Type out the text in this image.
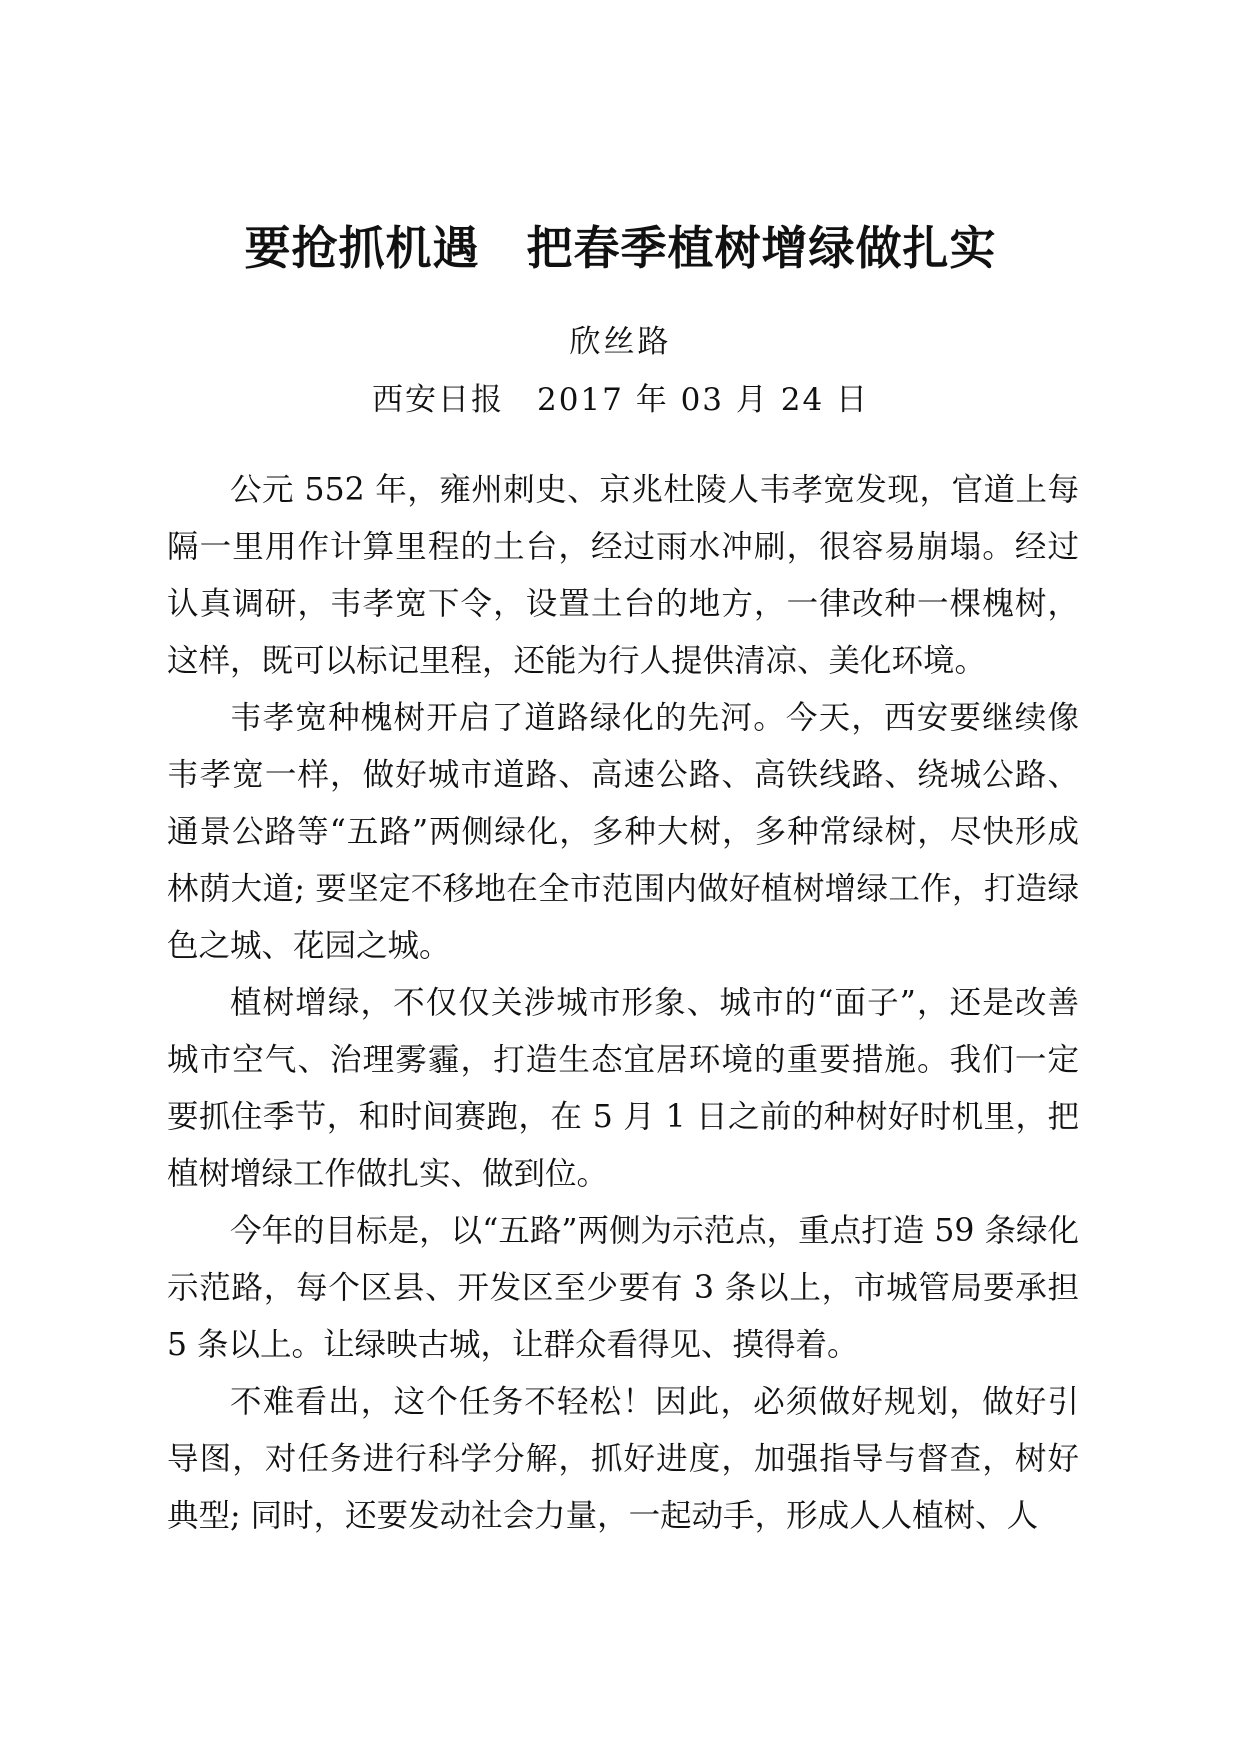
要抢抓机遇　把春季植树增绿做扎实
欣丝路
西安日报　2017 年 03 月 24 日

公元 552 年，雍州刺史、京兆杜陵人韦孝宽发现，官道上每隔一里用作计算里程的土台，经过雨水冲刷，很容易崩塌。经过认真调研，韦孝宽下令，设置土台的地方，一律改种一棵槐树，这样，既可以标记里程，还能为行人提供清凉、美化环境。

韦孝宽种槐树开启了道路绿化的先河。今天，西安要继续像韦孝宽一样，做好城市道路、高速公路、高铁线路、绕城公路、通景公路等“五路”两侧绿化，多种大树，多种常绿树，尽快形成林荫大道; 要坚定不移地在全市范围内做好植树增绿工作，打造绿色之城、花园之城。

植树增绿，不仅仅关涉城市形象、城市的“面子”，还是改善城市空气、治理雾霾，打造生态宜居环境的重要措施。我们一定要抓住季节，和时间赛跑，在 5 月 1 日之前的种树好时机里，把植树增绿工作做扎实、做到位。

今年的目标是，以“五路”两侧为示范点，重点打造 59 条绿化示范路，每个区县、开发区至少要有 3 条以上，市城管局要承担 5 条以上。让绿映古城，让群众看得见、摸得着。

不难看出，这个任务不轻松！因此，必须做好规划，做好引导图，对任务进行科学分解，抓好进度，加强指导与督查，树好典型; 同时，还要发动社会力量，一起动手，形成人人植树、人
